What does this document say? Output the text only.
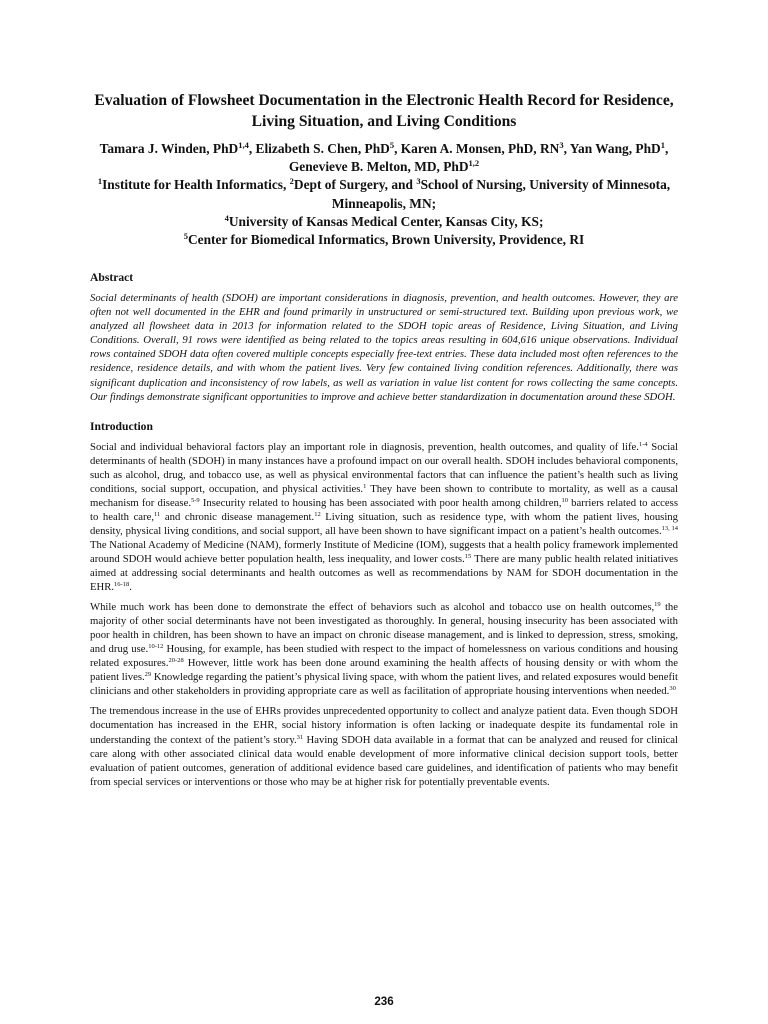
Evaluation of Flowsheet Documentation in the Electronic Health Record for Residence, Living Situation, and Living Conditions

Tamara J. Winden, PhD$^{1,4}$, Elizabeth S. Chen, PhD$^5$, Karen A. Monsen, PhD, $RN^3$, Yan Wang, PhD$^1$, Genevieve B. Melton, MD, PhD$^{1,2}$
$^1$Institute for Health Informatics, $^2$Dept of Surgery, and $^3$School of Nursing, University of Minnesota, Minneapolis, MN;
$^4$University of Kansas Medical Center, Kansas City, KS;
$^5$Center for Biomedical Informatics, Brown University, Providence, RI

Abstract

Social determinants of health (SDOH) are important considerations in diagnosis, prevention, and health outcomes. However, they are often not well documented in the EHR and found primarily in unstructured or semi-structured text. Building upon previous work, we analyzed all flowsheet data in 2013 for information related to the SDOH topic areas of Residence, Living Situation, and Living Conditions. Overall, 91 rows were identified as being related to the topics areas resulting in 604,616 unique observations. Individual rows contained SDOH data often covered multiple concepts especially free-text entries. These data included most often references to the residence, residence details, and with whom the patient lives. Very few contained living condition references. Additionally, there was significant duplication and inconsistency of row labels, as well as variation in value list content for rows collecting the same concepts. Our findings demonstrate significant opportunities to improve and achieve better standardization in documentation around these SDOH.

Introduction

Social and individual behavioral factors play an important role in diagnosis, prevention, health outcomes, and quality of life.$^{1-4}$ Social determinants of health (SDOH) in many instances have a profound impact on our overall health. SDOH includes behavioral components, such as alcohol, drug, and tobacco use, as well as physical environmental factors that can influence the patient’s health such as living conditions, social support, occupation, and physical activities.$^1$ They have been shown to contribute to mortality, as well as a causal mechanism for disease.$^{5-9}$ Insecurity related to housing has been associated with poor health among children,$^{10}$ barriers related to access to health care,$^{11}$ and chronic disease management.$^{12}$ Living situation, such as residence type, with whom the patient lives, housing density, physical living conditions, and social support, all have been shown to have significant impact on a patient’s health outcomes.$^{13, 14}$ The National Academy of Medicine (NAM), formerly Institute of Medicine (IOM), suggests that a health policy framework implemented around SDOH would achieve better population health, less inequality, and lower costs.$^{15}$ There are many public health related initiatives aimed at addressing social determinants and health outcomes as well as recommendations by NAM for SDOH documentation in the EHR.$^{16-18}$.

While much work has been done to demonstrate the effect of behaviors such as alcohol and tobacco use on health outcomes,$^{19}$ the majority of other social determinants have not been investigated as thoroughly. In general, housing insecurity has been associated with poor health in children, has been shown to have an impact on chronic disease management, and is linked to depression, stress, smoking, and drug use.$^{10-12}$ Housing, for example, has been studied with respect to the impact of homelessness on various conditions and housing related exposures.$^{20-28}$ However, little work has been done around examining the health affects of housing density or with whom the patient lives.$^{29}$ Knowledge regarding the patient’s physical living space, with whom the patient lives, and related exposures would benefit clinicians and other stakeholders in providing appropriate care as well as facilitation of appropriate housing interventions when needed.$^{30}$

The tremendous increase in the use of EHRs provides unprecedented opportunity to collect and analyze patient data. Even though SDOH documentation has increased in the EHR, social history information is often lacking or inadequate despite its fundamental role in understanding the context of the patient’s story.$^{31}$ Having SDOH data available in a format that can be analyzed and reused for clinical care along with other associated clinical data would enable development of more informative clinical decision support tools, better evaluation of patient outcomes, generation of additional evidence based care guidelines, and identification of patients who may benefit from special services or interventions or those who may be at higher risk for potentially preventable events.

236
